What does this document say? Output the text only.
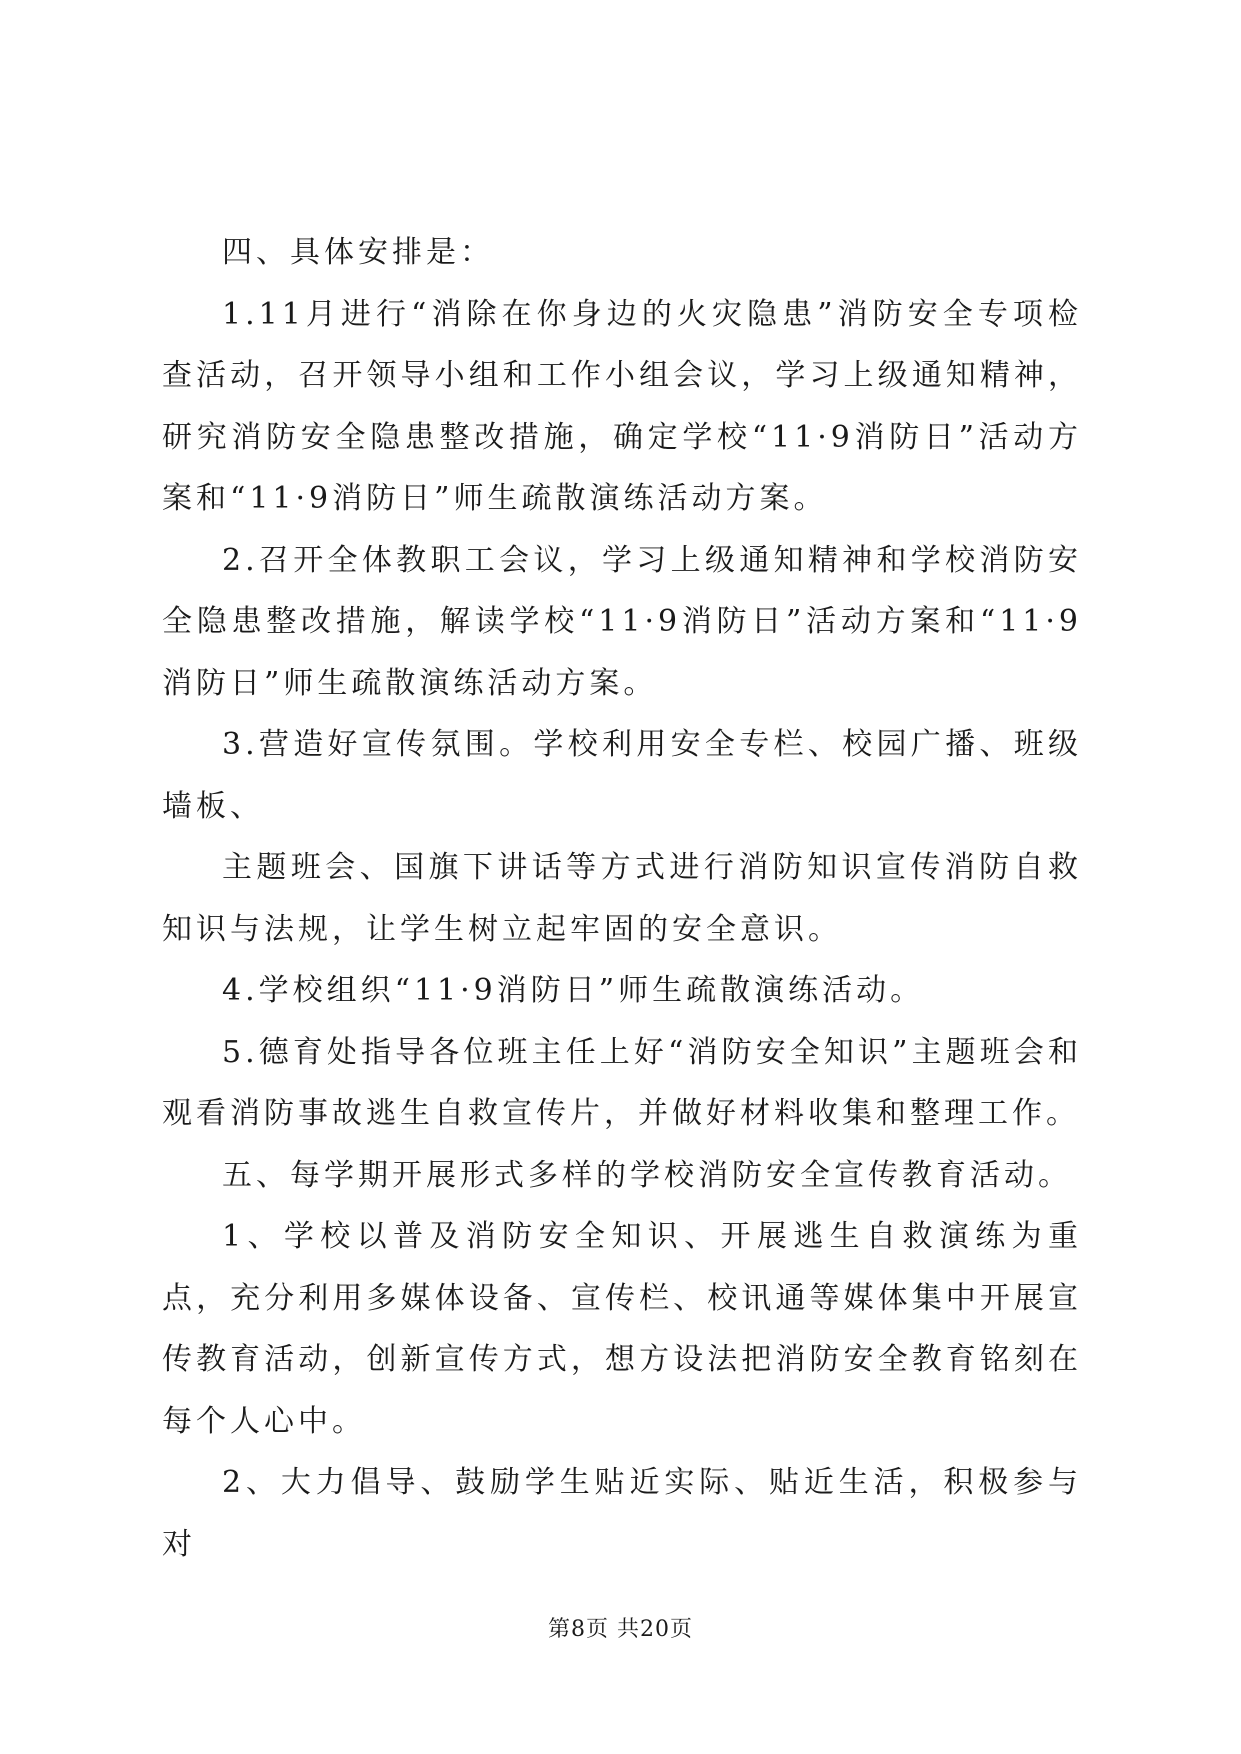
四、具体安排是：

1.11月进行“消除在你身边的火灾隐患”消防安全专项检查活动，召开领导小组和工作小组会议，学习上级通知精神，研究消防安全隐患整改措施，确定学校“11·9消防日”活动方案和“11·9消防日”师生疏散演练活动方案。

2.召开全体教职工会议，学习上级通知精神和学校消防安全隐患整改措施，解读学校“11·9消防日”活动方案和“11·9消防日”师生疏散演练活动方案。

3.营造好宣传氛围。学校利用安全专栏、校园广播、班级墙板、

主题班会、国旗下讲话等方式进行消防知识宣传消防自救知识与法规，让学生树立起牢固的安全意识。

4.学校组织“11·9消防日”师生疏散演练活动。

5.德育处指导各位班主任上好“消防安全知识”主题班会和观看消防事故逃生自救宣传片，并做好材料收集和整理工作。

五、每学期开展形式多样的学校消防安全宣传教育活动。

1、学校以普及消防安全知识、开展逃生自救演练为重点，充分利用多媒体设备、宣传栏、校讯通等媒体集中开展宣传教育活动，创新宣传方式，想方设法把消防安全教育铭刻在每个人心中。

2、大力倡导、鼓励学生贴近实际、贴近生活，积极参与对

第8页 共20页
